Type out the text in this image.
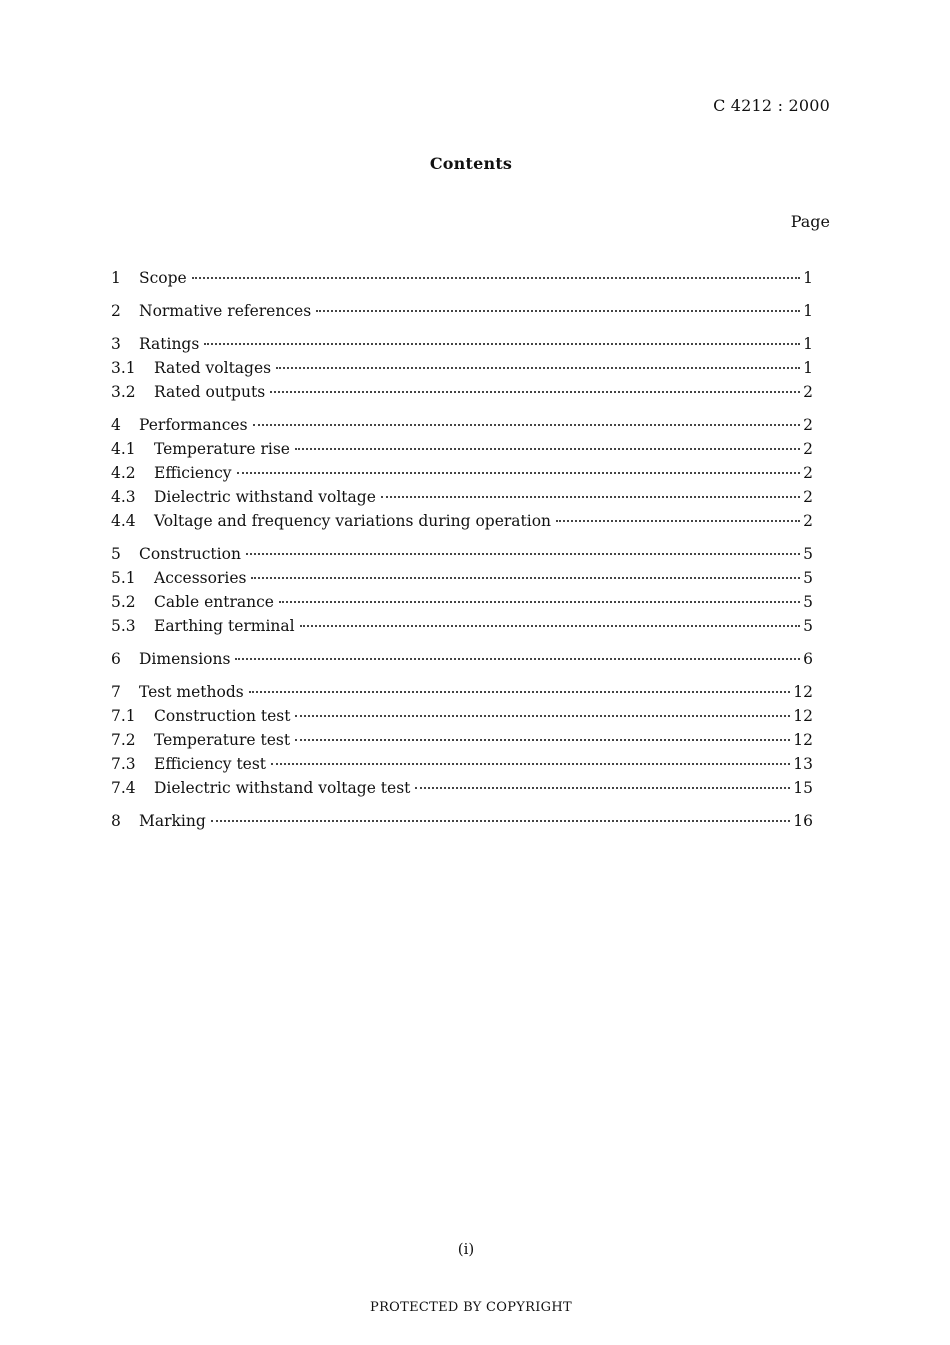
C 4212 : 2000
Contents
Page
1	Scope	1
2	Normative references	1
3	Ratings	1
3.1	Rated voltages	1
3.2	Rated outputs	2
4	Performances	2
4.1	Temperature rise	2
4.2	Efficiency	2
4.3	Dielectric withstand voltage	2
4.4	Voltage and frequency variations during operation	2
5	Construction	5
5.1	Accessories	5
5.2	Cable entrance	5
5.3	Earthing terminal	5
6	Dimensions	6
7	Test methods	12
7.1	Construction test	12
7.2	Temperature test	12
7.3	Efficiency test	13
7.4	Dielectric withstand voltage test	15
8	Marking	16
(i)
PROTECTED BY COPYRIGHT
